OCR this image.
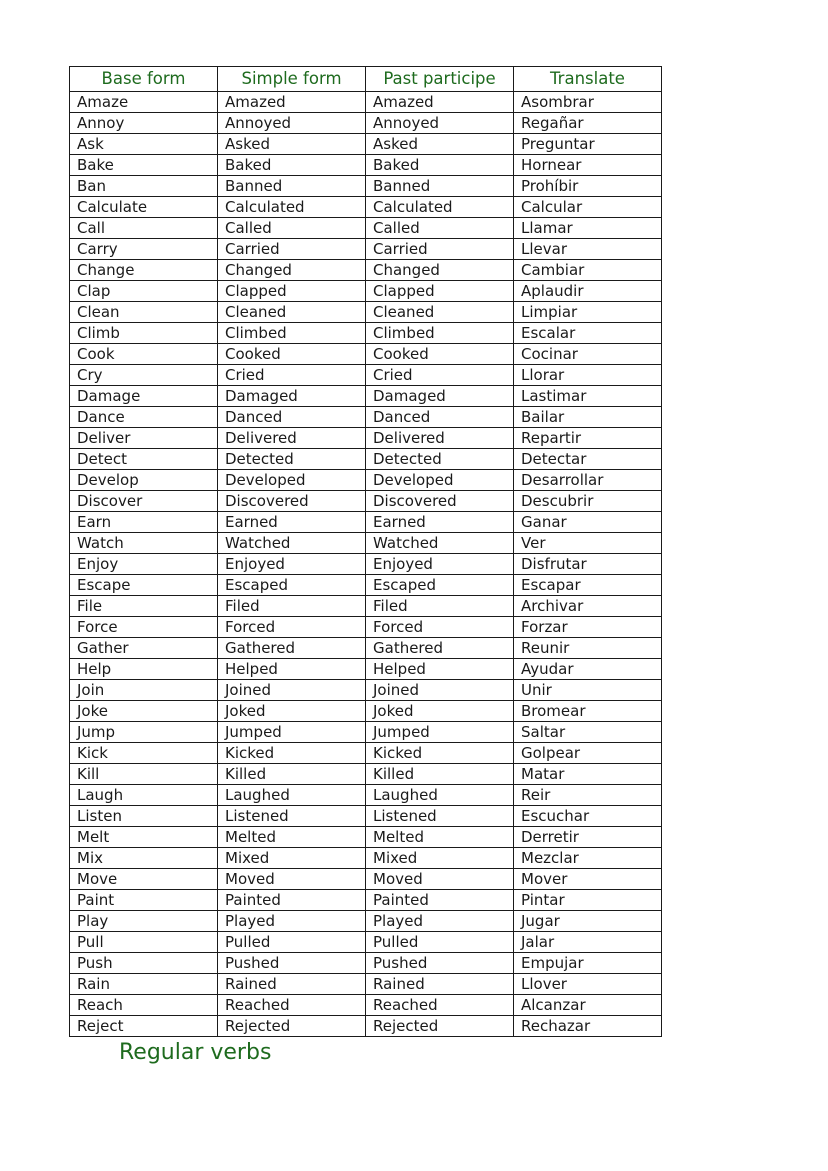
Base form	Simple form	Past participe	Translate
Amaze	Amazed	Amazed	Asombrar
Annoy	Annoyed	Annoyed	Regañar
Ask	Asked	Asked	Preguntar
Bake	Baked	Baked	Hornear
Ban	Banned	Banned	Prohíbir
Calculate	Calculated	Calculated	Calcular
Call	Called	Called	Llamar
Carry	Carried	Carried	Llevar
Change	Changed	Changed	Cambiar
Clap	Clapped	Clapped	Aplaudir
Clean	Cleaned	Cleaned	Limpiar
Climb	Climbed	Climbed	Escalar
Cook	Cooked	Cooked	Cocinar
Cry	Cried	Cried	Llorar
Damage	Damaged	Damaged	Lastimar
Dance	Danced	Danced	Bailar
Deliver	Delivered	Delivered	Repartir
Detect	Detected	Detected	Detectar
Develop	Developed	Developed	Desarrollar
Discover	Discovered	Discovered	Descubrir
Earn	Earned	Earned	Ganar
Watch	Watched	Watched	Ver
Enjoy	Enjoyed	Enjoyed	Disfrutar
Escape	Escaped	Escaped	Escapar
File	Filed	Filed	Archivar
Force	Forced	Forced	Forzar
Gather	Gathered	Gathered	Reunir
Help	Helped	Helped	Ayudar
Join	Joined	Joined	Unir
Joke	Joked	Joked	Bromear
Jump	Jumped	Jumped	Saltar
Kick	Kicked	Kicked	Golpear
Kill	Killed	Killed	Matar
Laugh	Laughed	Laughed	Reir
Listen	Listened	Listened	Escuchar
Melt	Melted	Melted	Derretir
Mix	Mixed	Mixed	Mezclar
Move	Moved	Moved	Mover
Paint	Painted	Painted	Pintar
Play	Played	Played	Jugar
Pull	Pulled	Pulled	Jalar
Push	Pushed	Pushed	Empujar
Rain	Rained	Rained	Llover
Reach	Reached	Reached	Alcanzar
Reject	Rejected	Rejected	Rechazar
Regular verbs
